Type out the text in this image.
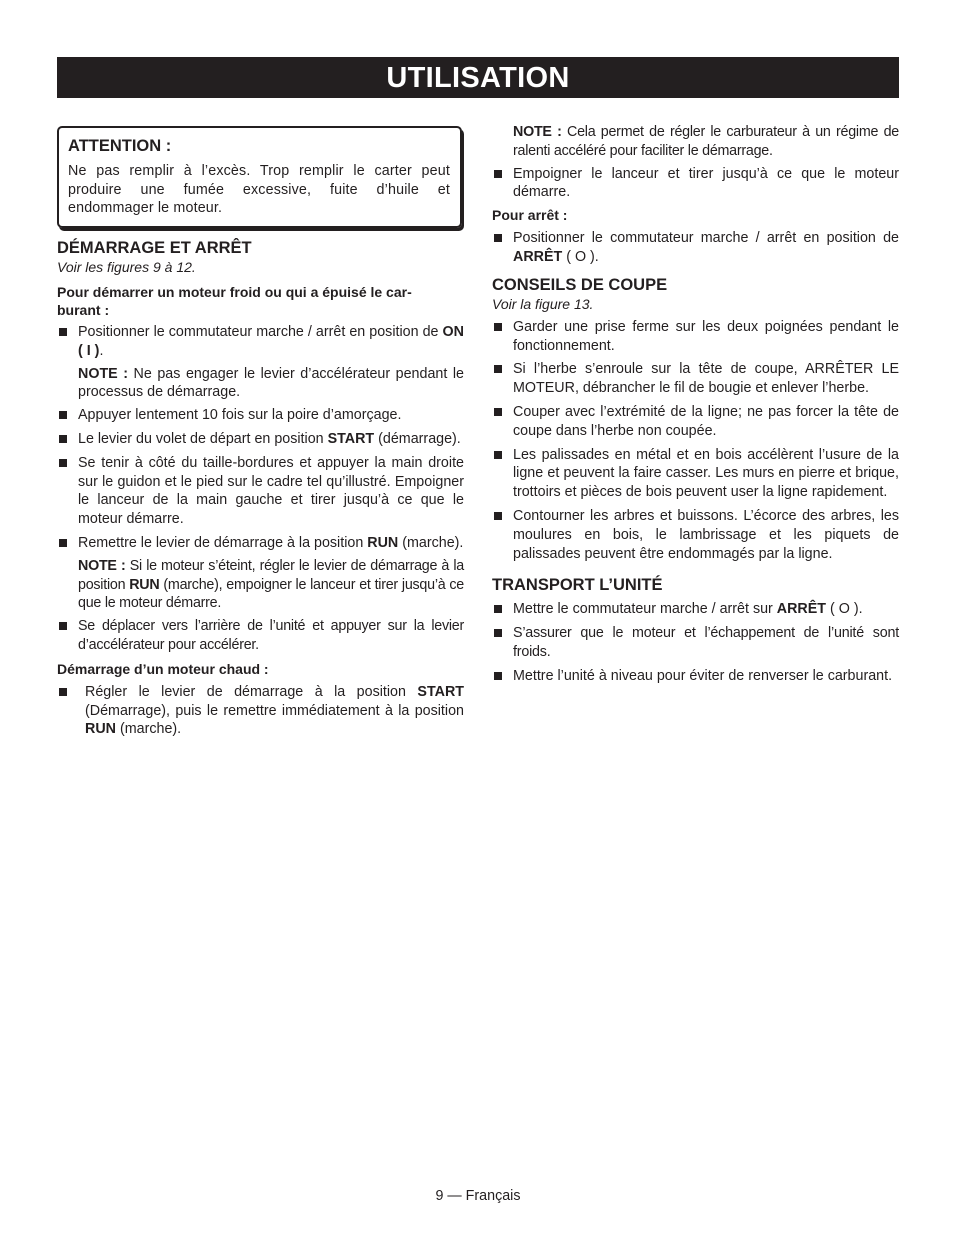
UTILISATION
ATTENTION :

Ne pas remplir à l’excès. Trop remplir le carter peut produire une fumée excessive, fuite d’huile et endommager le moteur.

DÉMARRAGE ET ARRÊT

Voir les figures 9 à 12.

Pour démarrer un moteur froid ou qui a épuisé le car-
burant :

Positionner le commutateur marche / arrêt en position de ON ( I ).

NOTE : Ne pas engager le levier d’accélérateur pendant le processus de démarrage.

Appuyer lentement 10 fois sur la poire d’amorçage.
Le levier du volet de départ en position START (démarrage).
Se tenir à côté du taille-bordures et appuyer la main droite sur le guidon et le pied sur le cadre tel qu’illustré. Empoigner le lanceur de la main gauche et tirer jusqu’à ce que le moteur démarre.
Remettre le levier de démarrage à la position RUN (marche).

NOTE : Si le moteur s’éteint, régler le levier de démarrage à la position RUN (marche), empoigner le lanceur et tirer jusqu’à ce que le moteur démarre.

Se déplacer vers l’arrière de l’unité et appuyer sur la levier d’accélérateur pour accélérer.

Démarrage d’un moteur chaud :

Régler le levier de démarrage à la position START (Démarrage), puis le remettre immédiatement à la position RUN (marche).

NOTE : Cela permet de régler le carburateur à un régime de ralenti accéléré pour faciliter le démarrage.

Empoigner le lanceur et tirer jusqu’à ce que le moteur démarre.

Pour arrêt :

Positionner le commutateur marche / arrêt en position de ARRÊT ( O ).
CONSEILS DE COUPE

Voir la figure 13.

Garder une prise ferme sur les deux poignées pendant le fonctionnement.
Si l’herbe s’enroule sur la tête de coupe, ARRÊTER LE MOTEUR, débrancher le fil de bougie et enlever l’herbe.
Couper avec l’extrémité de la ligne; ne pas forcer la tête de coupe dans l’herbe non coupée.
Les palissades en métal et en bois accélèrent l’usure de la ligne et peuvent la faire casser. Les murs en pierre et brique, trottoirs et pièces de bois peuvent user la ligne rapidement.
Contourner les arbres et buissons. L’écorce des arbres, les moulures en bois, le lambrissage et les piquets de palissades peuvent être endommagés par la ligne.
TRANSPORT L’UNITÉ
Mettre le commutateur marche / arrêt sur ARRÊT ( O ).
S’assurer que le moteur et l’échappement de l’unité sont froids.
Mettre l’unité à niveau pour éviter de renverser le carburant.
9 — Français
